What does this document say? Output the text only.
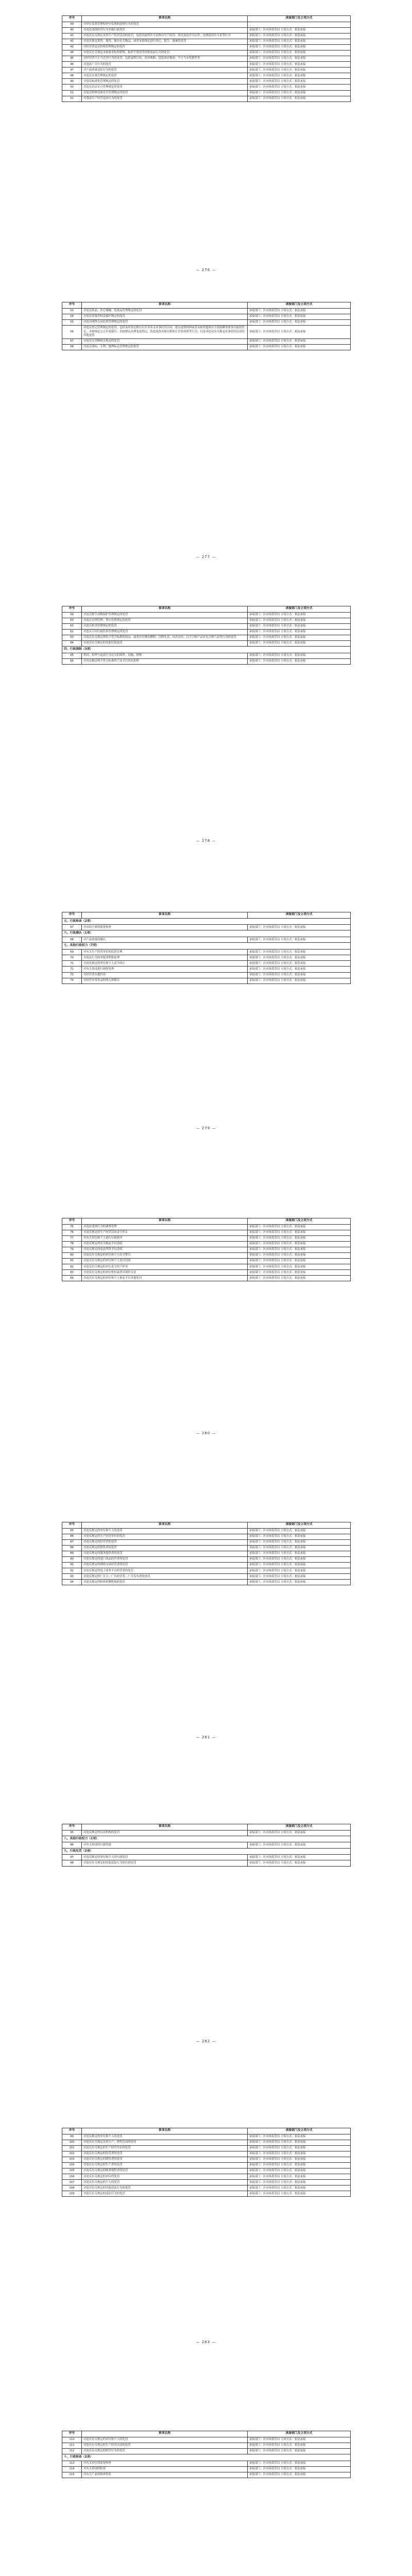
序号	事项名称	承接部门及立项方式
39	对单位监督管理检查中发现的违规行为的处罚	
40	对违法违规经营行为实施行政处罚	承接部门：区市场监管局 立项方式：依法承接
41	对违反有关规定从事生产经营活动的处罚，包括未取得许可证擅自生产经营、伪造变造许可证件、违规使用许可证等行为	承接部门：区市场监管局 立项方式：依法承接
42	对违反规定销售、使用、储存有关物品，或者未按规定进行登记、报告、备案的处罚	承接部门：区市场监管局 立项方式：依法承接
43	对经营者违反价格管理规定的处罚	承接部门：区市场监管局 立项方式：依法承接
44	对违反有关规定未按要求标明价格、标价不规范等价格违法行为的处罚	承接部门：区市场监管局 立项方式：依法承接
45	对经营者不正当竞争行为的处罚，包括虚假宣传、商业贿赂、侵犯商业秘密、不正当有奖销售等	承接部门：区市场监管局 立项方式：依法承接
46	对违法广告行为的处罚	承接部门：区市场监管局 立项方式：依法承接
47	对产品质量违法行为的处罚	承接部门：区市场监管局 立项方式：依法承接
48	对违反计量管理规定的处罚	承接部门：区市场监管局 立项方式：依法承接
49	对违反标准化管理规定的处罚	承接部门：区市场监管局 立项方式：依法承接
50	对违反认证认可管理规定的处罚	承接部门：区市场监管局 立项方式：依法承接
51	对违反特种设备安全管理规定的处罚	承接部门：区市场监管局 立项方式：依法承接
52	对食品生产经营违法行为的处罚	承接部门：区市场监管局 立项方式：依法承接
— 276 —
序号	事项名称	承接部门及立项方式
53	对违反药品、医疗器械、化妆品管理规定的处罚	承接部门：区市场监管局 立项方式：依法承接
54	对违反消费者权益保护规定的处罚	承接部门：区市场监管局 立项方式：依法承接
55	对违反网络交易监督管理规定的处罚	承接部门：区市场监管局 立项方式：依法承接
56	对违反登记管理规定的处罚，包括未经登记擅自以企业名义从事经营活动、提交虚假材料或者采取其他欺诈手段隐瞒重要事实取得登记、未按规定公示年度报告、未按规定办理变更登记、伪造涂改出租出借转让营业执照等行为，以及对违反有关规定从事经营活动的其他处罚	承接部门：区市场监管局 立项方式：依法承接
57	对违反反垄断相关规定的处罚	承接部门：区市场监管局 立项方式：依法承接
58	对违反商标、专利、地理标志管理规定的处罚	承接部门：区市场监管局 立项方式：依法承接
— 277 —
序号	事项名称	承接部门及立项方式
59	对违反野生动物保护管理规定的处罚	承接部门：区市场监管局 立项方式：依法承接
60	对违反直销管理、禁止传销规定的处罚	承接部门：区市场监管局 立项方式：依法承接
61	对违反拍卖管理规定的处罚	承接部门：区市场监管局 立项方式：依法承接
62	对违反合同行政监督管理规定的处罚	承接部门：区市场监管局 立项方式：依法承接
63	对违反有关规定销售不符合标准的商品，或者存在掺杂掺假、以假充真、以次充好、以不合格产品冒充合格产品等行为的处罚	承接部门：区市场监管局 立项方式：依法承接
64	对违反有关规定的其他行政处罚	承接部门：区市场监管局 立项方式：依法承接
四、行政强制（3项）		
65	查封、扣押与违法行为有关的场所、设施、财物	承接部门：区市场监管局 立项方式：依法承接
66	对有证据证明不符合标准的产品予以查封扣押	承接部门：区市场监管局 立项方式：依法承接
— 278 —
序号	事项名称	承接部门及立项方式
五、行政检查（2项）		
67	对市场主体的监督检查	承接部门：区市场监管局 立项方式：依法承接
六、行政确认（1项）		
68	对产品质量的确认	承接部门：区市场监管局 立项方式：依法承接
七、其他行政权力（7项）		
69	对有关生产经营单位的监督管理	承接部门：区市场监管局 立项方式：依法承接
70	对违法行为的举报受理和处理	承接部门：区市场监管局 立项方式：依法承接
71	对违反规定的单位和个人责令改正	承接部门：区市场监管局 立项方式：依法承接
72	对有关事项进行调查处理	承接部门：区市场监管局 立项方式：依法承接
73	对经营者实施约谈	承接部门：区市场监管局 立项方式：依法承接
74	对经营异常名录的列入和移出	承接部门：区市场监管局 立项方式：依法承接
— 279 —
序号	事项名称	承接部门及立项方式
75	对违法违规行为的调查处理	承接部门：区市场监管局 立项方式：依法承接
76	对违反规定的生产经营活动责令停止	承接部门：区市场监管局 立项方式：依法承接
77	对有关单位和个人进行行政指导	承接部门：区市场监管局 立项方式：依法承接
78	对违反规定的有关物品予以没收	承接部门：区市场监管局 立项方式：依法承接
79	对违反规定的违法所得予以没收	承接部门：区市场监管局 立项方式：依法承接
80	对违反有关规定的单位和个人给予警告	承接部门：区市场监管局 立项方式：依法承接
81	对违反有关规定的单位和个人处以罚款	承接部门：区市场监管局 立项方式：依法承接
82	对违反有关规定的单位责令停产停业	承接部门：区市场监管局 立项方式：依法承接
83	对违反有关规定的单位暂扣或者吊销许可证	承接部门：区市场监管局 立项方式：依法承接
84	对违反有关规定的单位和个人依法予以其他处罚	承接部门：区市场监管局 立项方式：依法承接
— 280 —
序号	事项名称	承接部门及立项方式
85	对违反规定的单位和个人的处罚	承接部门：区市场监管局 立项方式：依法承接
86	对违反规定的生产经营单位的处罚	承接部门：区市场监管局 立项方式：依法承接
87	对违反规定的经营者的处罚	承接部门：区市场监管局 立项方式：依法承接
88	对违反规定的销售者的处罚	承接部门：区市场监管局 立项方式：依法承接
89	对违反规定的服务提供者的处罚	承接部门：区市场监管局 立项方式：依法承接
90	对违反规定的进口商品经营者的处罚	承接部门：区市场监管局 立项方式：依法承接
91	对违反规定的网络交易经营者的处罚	承接部门：区市场监管局 立项方式：依法承接
92	对违反规定的电子商务平台经营者的处罚	承接部门：区市场监管局 立项方式：依法承接
93	对违反规定的广告主、广告经营者、广告发布者的处罚	承接部门：区市场监管局 立项方式：依法承接
94	对违反规定的检验检测机构的处罚	承接部门：区市场监管局 立项方式：依法承接
— 281 —
序号	事项名称	承接部门及立项方式
95	对违反规定的认证机构的处罚	承接部门：区市场监管局 立项方式：依法承接
八、其他行政权力（1项）		
96	对有关事项的行政奖励	承接部门：区市场监管局 立项方式：依法承接
九、行政处罚（2项）		
97	对违反规定的单位和个人的行政处罚	承接部门：区市场监管局 立项方式：依法承接
98	对违反有关规定的其他违法行为的行政处罚	承接部门：区市场监管局 立项方式：依法承接
— 282 —
序号	事项名称	承接部门及立项方式
99	对违反规定的单位和个人的处罚	承接部门：区市场监管局 立项方式：依法承接
100	对违反有关规定从事生产、销售活动的处罚	承接部门：区市场监管局 立项方式：依法承接
101	对违反有关规定的生产经营单位的处罚	承接部门：区市场监管局 立项方式：依法承接
102	对违反有关规定的经营者的处罚	承接部门：区市场监管局 立项方式：依法承接
103	对违反有关规定的销售者的处罚	承接部门：区市场监管局 立项方式：依法承接
104	对违反有关规定的生产者的处罚	承接部门：区市场监管局 立项方式：依法承接
105	对违反有关规定的服务提供者的处罚	承接部门：区市场监管局 立项方式：依法承接
106	对违反有关规定的单位的处罚	承接部门：区市场监管局 立项方式：依法承接
107	对违反有关规定的个人的处罚	承接部门：区市场监管局 立项方式：依法承接
108	对违反有关规定的其他违法行为的处罚	承接部门：区市场监管局 立项方式：依法承接
109	对违反有关规定的违法行为的处罚	承接部门：区市场监管局 立项方式：依法承接
— 283 —
序号	事项名称	承接部门及立项方式
110	对违反有关规定的单位和个人的处罚	承接部门：区市场监管局 立项方式：依法承接
111	对违反有关规定的生产经营活动的处罚	承接部门：区市场监管局 立项方式：依法承接
112	对违反有关规定的经营行为的处罚	承接部门：区市场监管局 立项方式：依法承接
十、行政检查（2项）		
113	对有关单位的监督检查	承接部门：区市场监管局 立项方式：依法承接
114	对有关事项的检查	承接部门：区市场监管局 立项方式：依法承接
115	对有关产品的抽查检验	承接部门：区市场监管局 立项方式：依法承接
